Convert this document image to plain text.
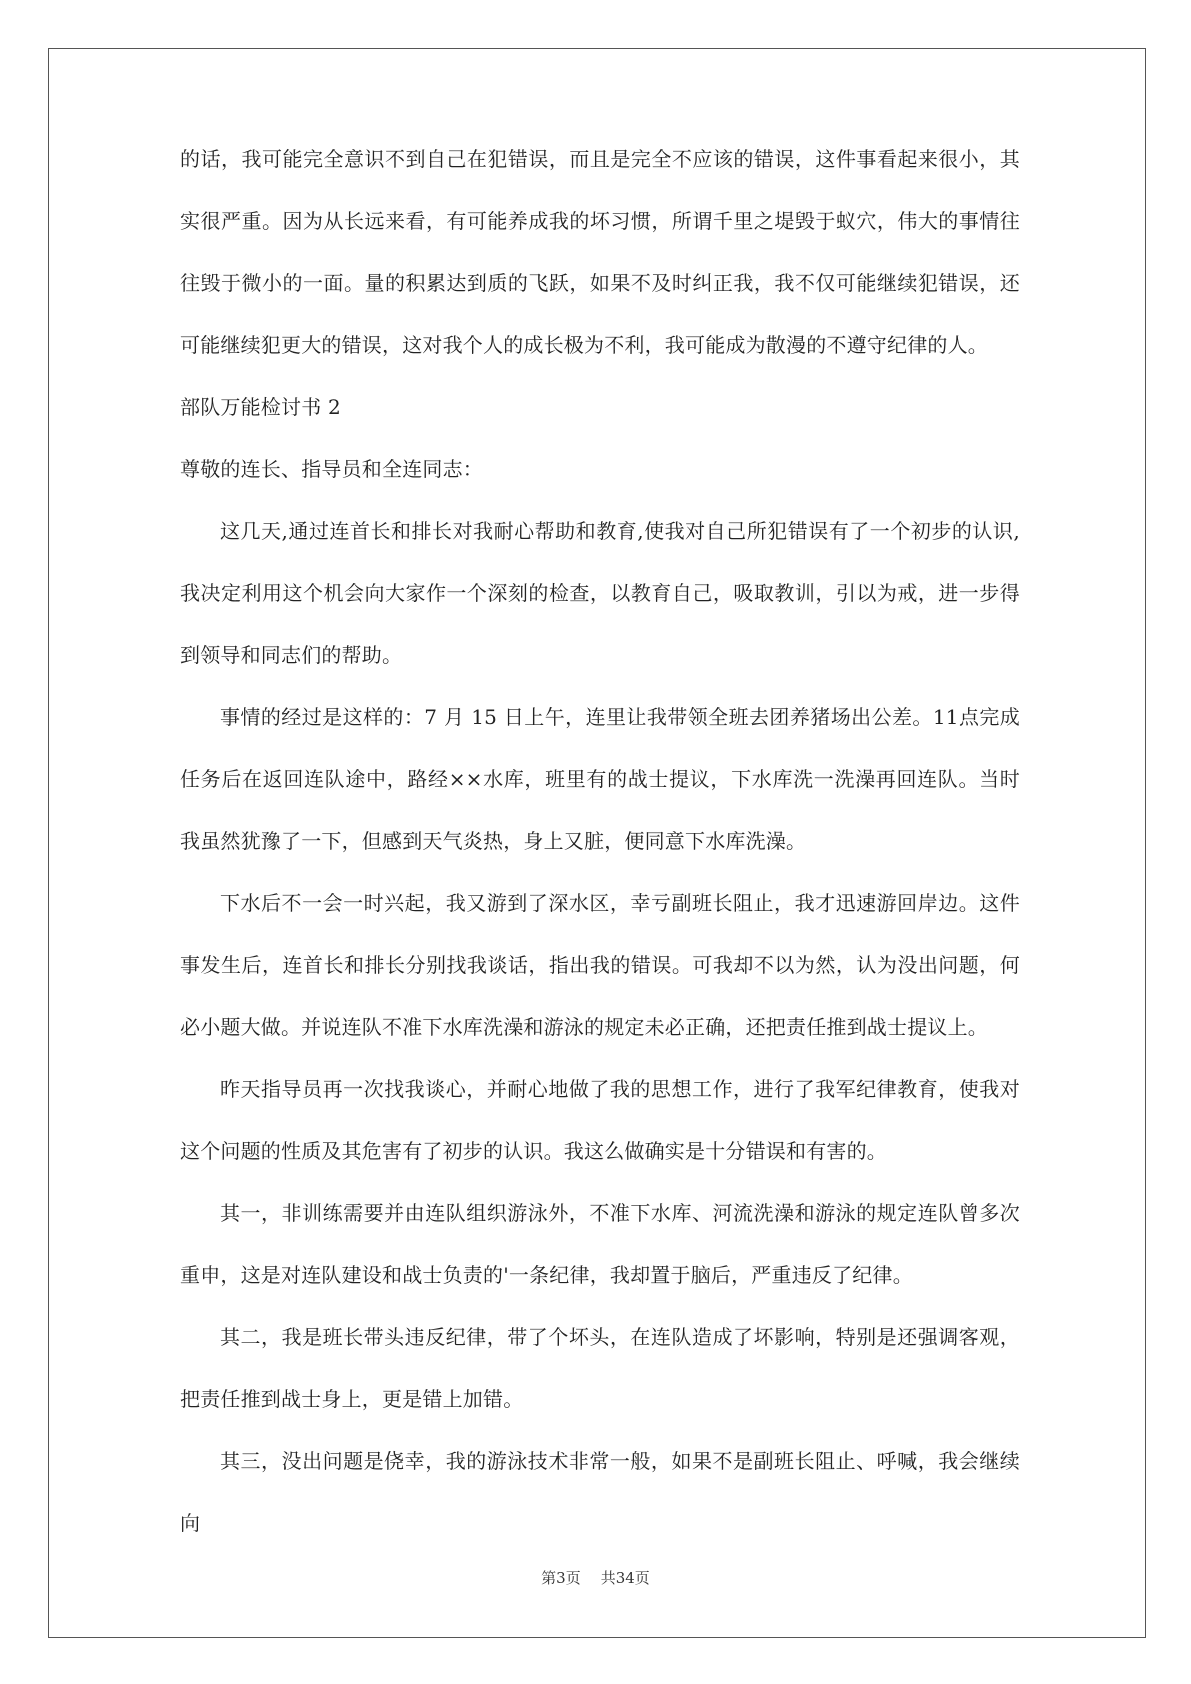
的话，我可能完全意识不到自己在犯错误，而且是完全不应该的错误，这件事看起来很小，其实很严重。因为从长远来看，有可能养成我的坏习惯，所谓千里之堤毁于蚁穴，伟大的事情往往毁于微小的一面。量的积累达到质的飞跃，如果不及时纠正我，我不仅可能继续犯错误，还可能继续犯更大的错误，这对我个人的成长极为不利，我可能成为散漫的不遵守纪律的人。

部队万能检讨书 2

尊敬的连长、指导员和全连同志：

这几天,通过连首长和排长对我耐心帮助和教育,使我对自己所犯错误有了一个初步的认识,我决定利用这个机会向大家作一个深刻的检查，以教育自己，吸取教训，引以为戒，进一步得到领导和同志们的帮助。

事情的经过是这样的：7 月 15 日上午，连里让我带领全班去团养猪场出公差。11点完成任务后在返回连队途中，路经××水库，班里有的战士提议，下水库洗一洗澡再回连队。当时我虽然犹豫了一下，但感到天气炎热，身上又脏，便同意下水库洗澡。

下水后不一会一时兴起，我又游到了深水区，幸亏副班长阻止，我才迅速游回岸边。这件事发生后，连首长和排长分别找我谈话，指出我的错误。可我却不以为然，认为没出问题，何必小题大做。并说连队不准下水库洗澡和游泳的规定未必正确，还把责任推到战士提议上。

昨天指导员再一次找我谈心，并耐心地做了我的思想工作，进行了我军纪律教育，使我对这个问题的性质及其危害有了初步的认识。我这么做确实是十分错误和有害的。

其一，非训练需要并由连队组织游泳外，不准下水库、河流洗澡和游泳的规定连队曾多次重申，这是对连队建设和战士负责的'一条纪律，我却置于脑后，严重违反了纪律。

其二，我是班长带头违反纪律，带了个坏头，在连队造成了坏影响，特别是还强调客观，把责任推到战士身上，更是错上加错。

其三，没出问题是侥幸，我的游泳技术非常一般，如果不是副班长阻止、呼喊，我会继续向

第3页 共34页
